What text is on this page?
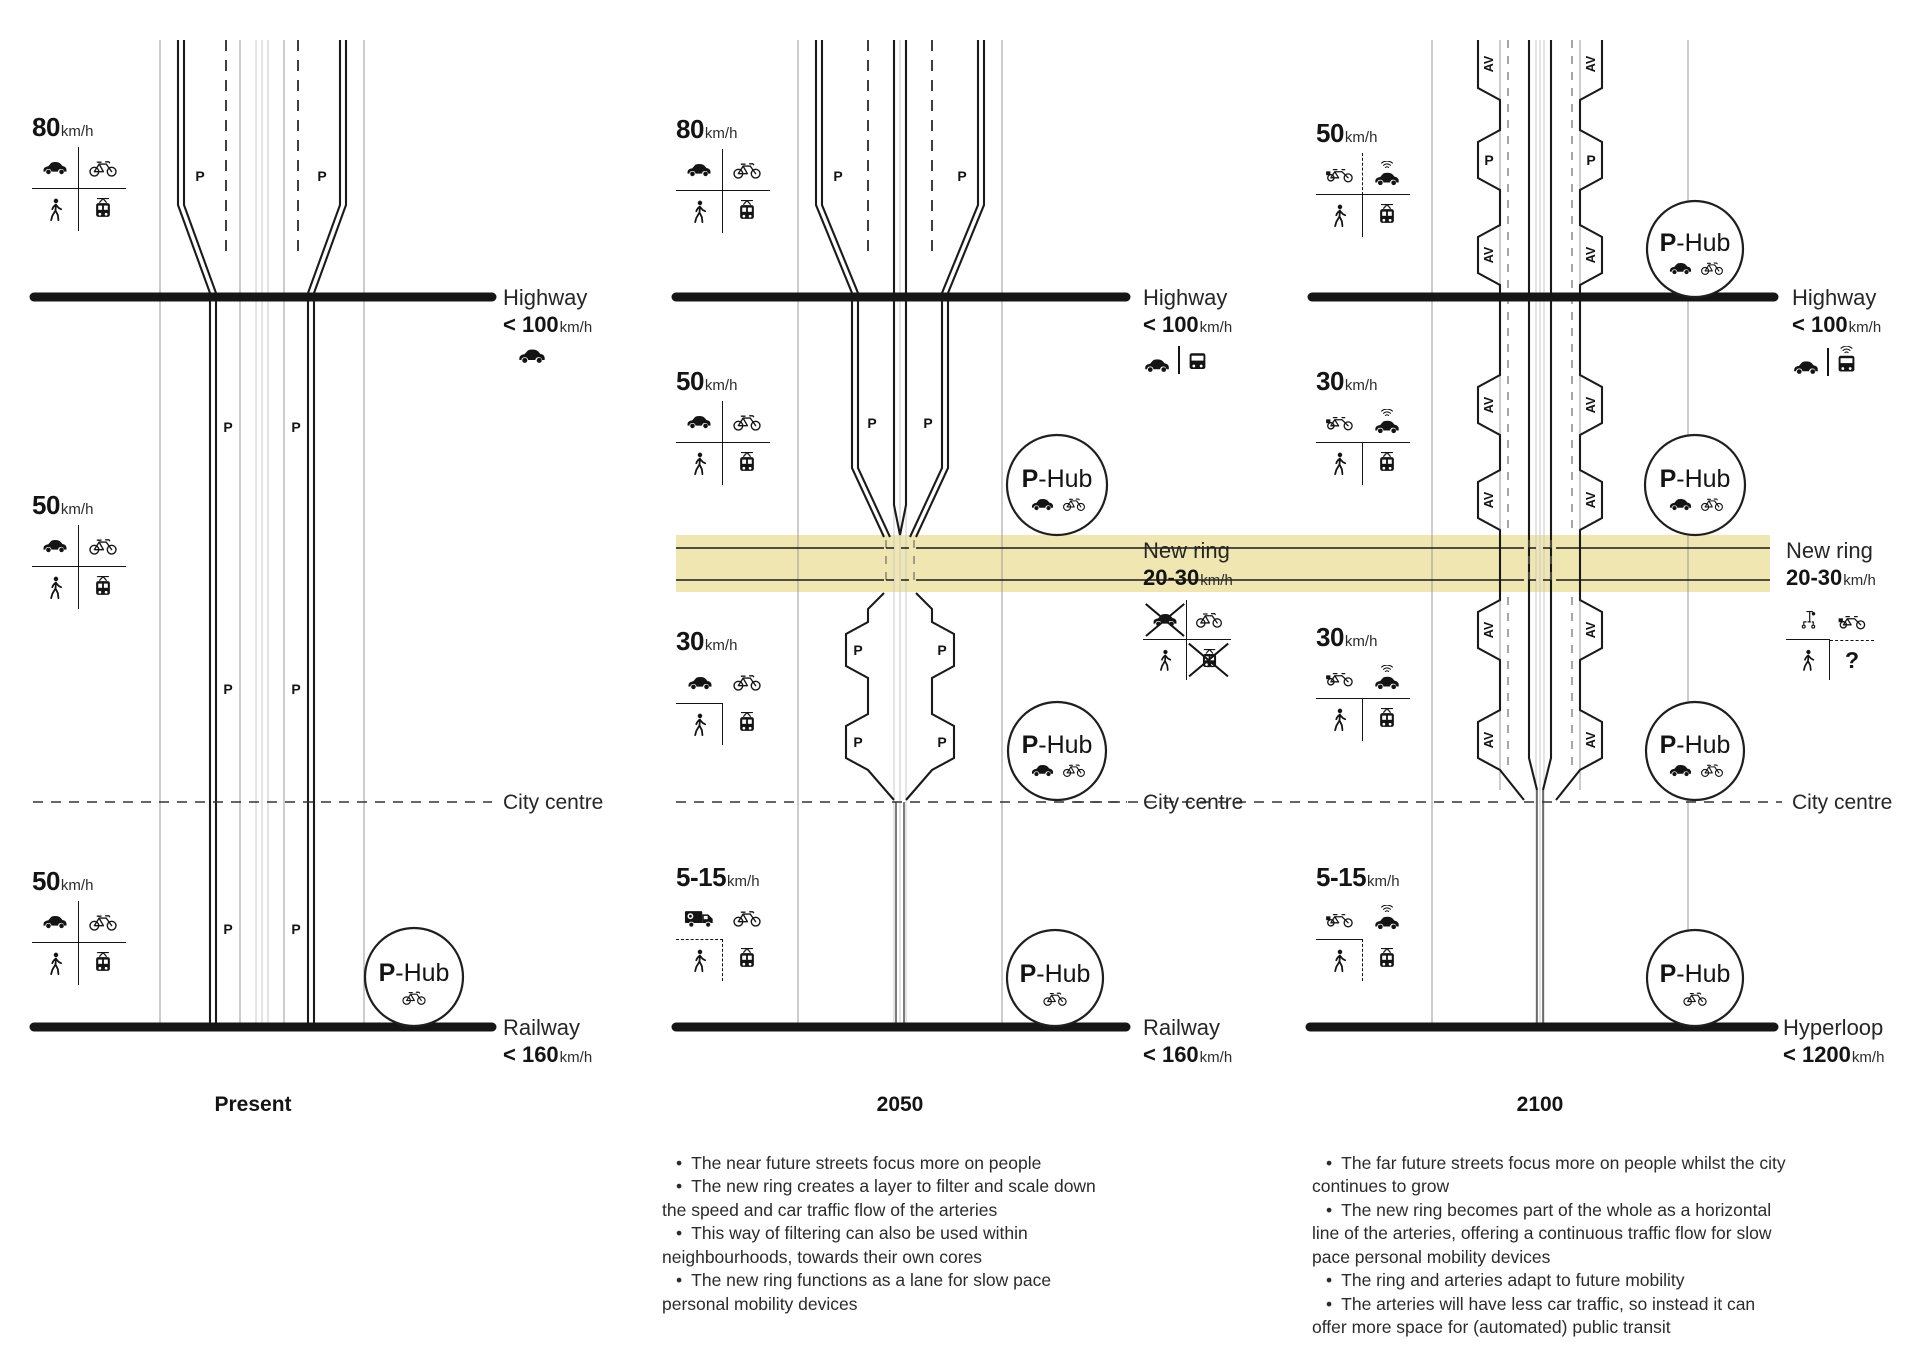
P	P
P	P
P	P
P	P
P-Hub
P	P
P	P
P	P
P	P
P-Hub
P-Hub
P-Hub
AV	AV
P	P
AV	AV
AV	AV
AV	AV
AV	AV
AV	AV
P-Hub
P-Hub
P-Hub
P-Hub
80km/h
50km/h
50km/h
80km/h
50km/h
30km/h
5-15km/h
50km/h
30km/h
30km/h
5-15km/h
Highway
< 100km/h
City centre
Railway
< 160km/h
Highway
< 100km/h
New ring
20-30km/h
City centre
Railway
< 160km/h
Highway
< 100km/h
New ring
20-30km/h
?
City centre
Hyperloop
< 1200km/h
Present	2050	2100
• The near future streets focus more on people
• The new ring creates a layer to filter and scale down the speed and car traffic flow of the arteries
• This way of filtering can also be used within neighbourhoods, towards their own cores
• The new ring functions as a lane for slow pace personal mobility devices
• The far future streets focus more on people whilst the city continues to grow
• The new ring becomes part of the whole as a horizontal line of the arteries, offering a continuous traffic flow for slow pace personal mobility devices
• The ring and arteries adapt to future mobility
• The arteries will have less car traffic, so instead it can offer more space for (automated) public transit
